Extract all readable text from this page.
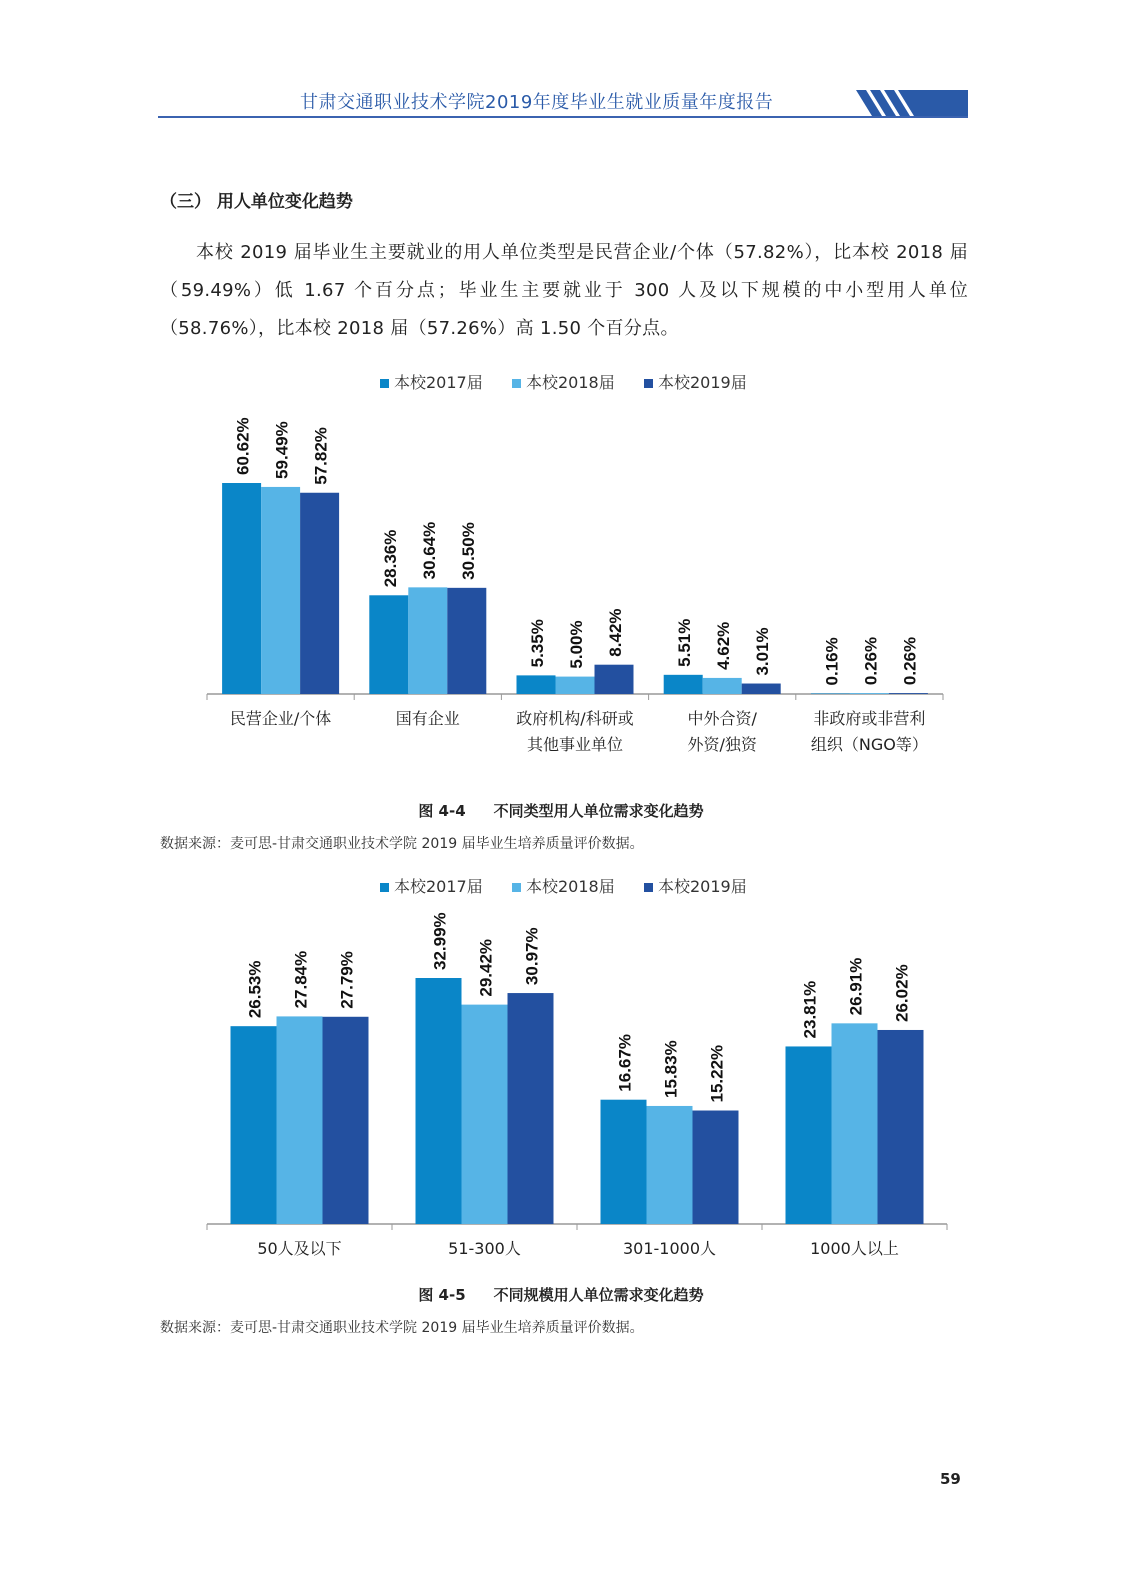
甘肃交通职业技术学院2019年度毕业生就业质量年度报告
（三） 用人单位变化趋势

本校 2019 届毕业生主要就业的用人单位类型是民营企业/个体（57.82%），比本校 2018 届（59.49%）低 1.67 个百分点；毕业生主要就业于 300 人及以下规模的中小型用人单位（58.76%），比本校 2018 届（57.26%）高 1.50 个百分点。

本校2017届	本校2018届	本校2019届
60.62% 59.49% 57.82%
民营企业/个体
28.36% 30.64% 30.50%
国有企业
5.35% 5.00% 8.42%
政府机构/科研或
其他事业单位
5.51% 4.62% 3.01%
中外合资/
外资/独资
0.16% 0.26% 0.26%
非政府或非营利
组织（NGO等）
图 4-4 不同类型用人单位需求变化趋势
数据来源：麦可思-甘肃交通职业技术学院 2019 届毕业生培养质量评价数据。
本校2017届	本校2018届	本校2019届
26.53% 27.84% 27.79%
50人及以下
32.99% 29.42% 30.97%
51-300人
16.67% 15.83% 15.22%
301-1000人
23.81% 26.91% 26.02%
1000人以上
图 4-5 不同规模用人单位需求变化趋势
数据来源：麦可思-甘肃交通职业技术学院 2019 届毕业生培养质量评价数据。
59
